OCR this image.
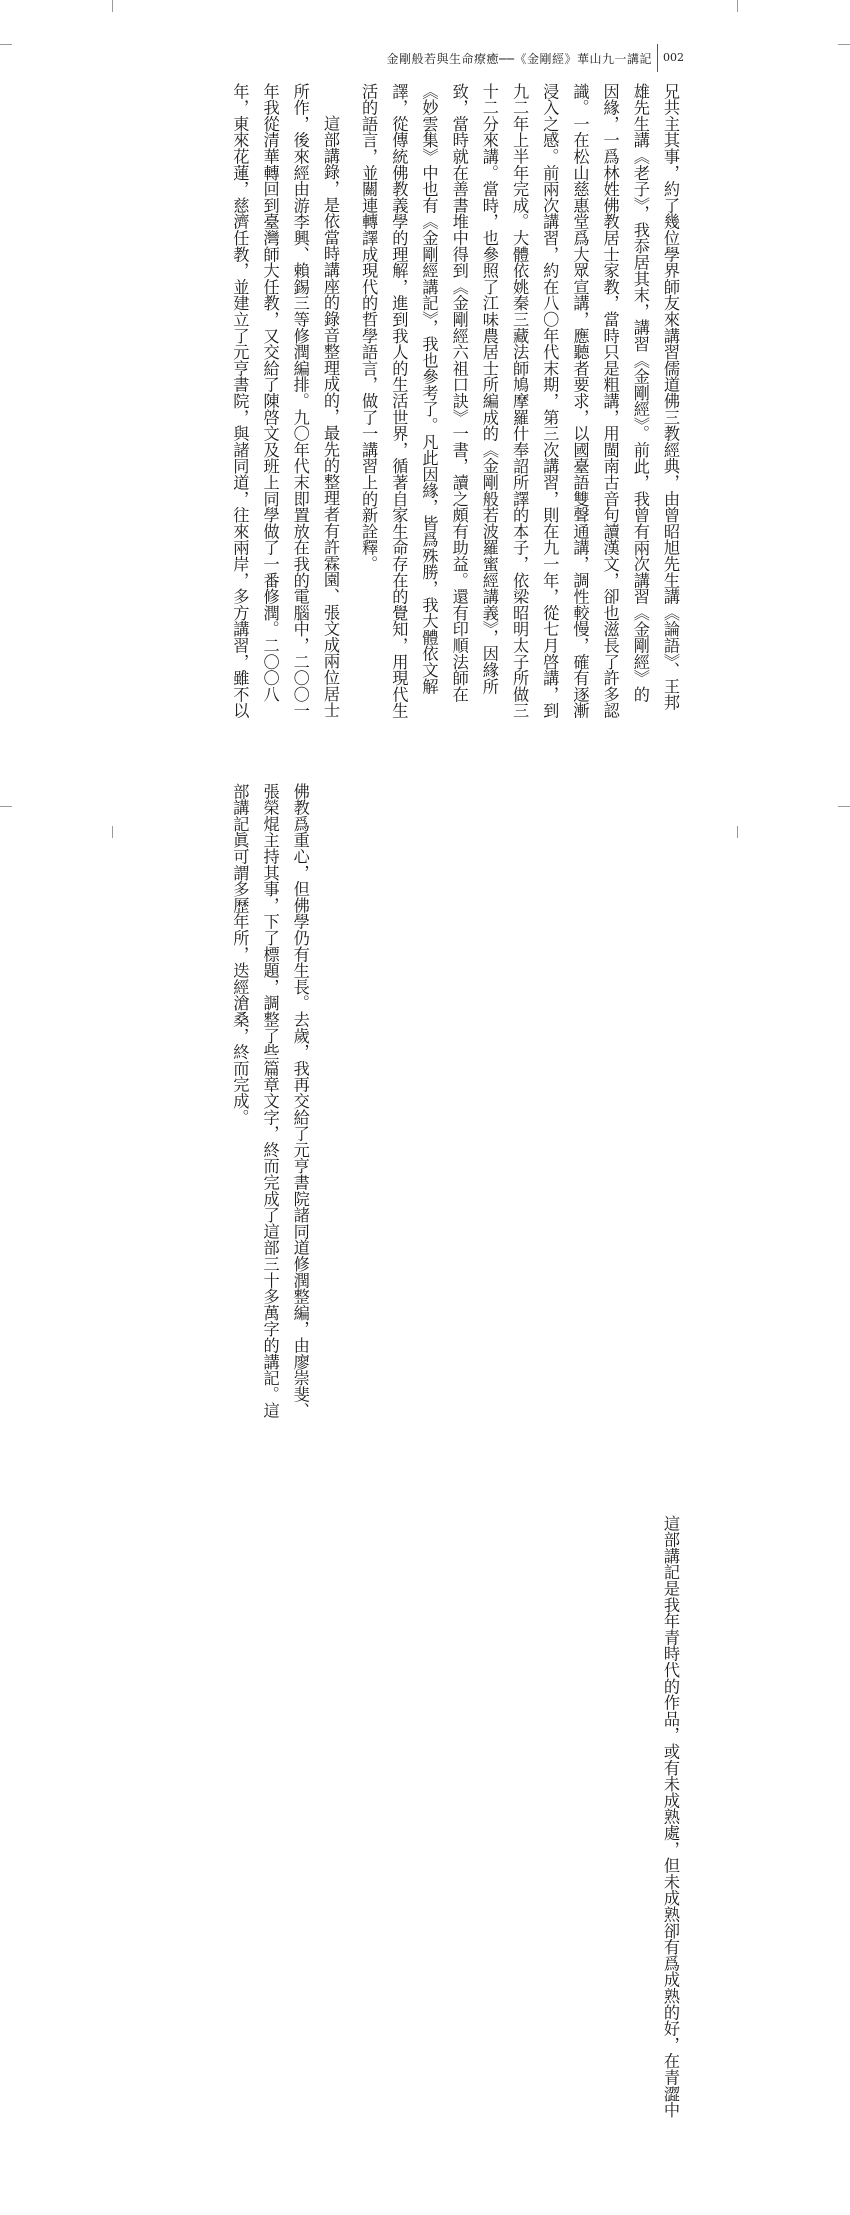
金剛般若與生命療癒──《金剛經》華山九一講記 002

兄共主其事，約了幾位學界師友來講習儒道佛三教經典，由曾昭旭先生講《論語》、王邦

雄先生講《老子》，我忝居其末，講習《金剛經》。前此，我曾有兩次講習《金剛經》的

因緣，一爲林姓佛教居士家教，當時只是粗講，用閩南古音句讀漢文，卻也滋長了許多認

識。一在松山慈惠堂爲大眾宣講，應聽者要求，以國臺語雙聲通講，調性較慢，確有逐漸

浸入之感。前兩次講習，約在八〇年代末期，第三次講習，則在九一年，從七月啓講，到

九二年上半年完成。大體依姚秦三藏法師鳩摩羅什奉詔所譯的本子，依梁昭明太子所做三

十二分來講。當時，也參照了江味農居士所編成的《金剛般若波羅蜜經講義》，因緣所

致，當時就在善書堆中得到《金剛經六祖口訣》一書，讀之頗有助益。還有印順法師在

《妙雲集》中也有《金剛經講記》，我也參考了。凡此因緣，皆爲殊勝，我大體依文解

譯，從傳統佛教義學的理解，進到我人的生活世界，循著自家生命存在的覺知，用現代生

活的語言，並關連轉譯成現代的哲學語言，做了一講習上的新詮釋。

這部講錄，是依當時講座的錄音整理成的，最先的整理者有許霖園、張文成兩位居士

所作，後來經由游李興、賴錫三等修潤編排。九〇年代末即置放在我的電腦中，二〇〇一

年我從清華轉回到臺灣師大任教，又交給了陳啓文及班上同學做了一番修潤。二〇〇八

年，東來花蓮，慈濟任教，並建立了元亨書院，與諸同道，往來兩岸，多方講習，雖不以

佛教爲重心，但佛學仍有生長。去歲，我再交給了元亨書院諸同道修潤整編，由廖崇斐、

張榮焜主持其事，下了標題，調整了些篇章文字，終而完成了這部三十多萬字的講記。這

部講記眞可謂多歷年所，迭經滄桑，終而完成。

這部講記是我年青時代的作品，或有未成熟處，但未成熟卻有爲成熟的好，在青澀中
